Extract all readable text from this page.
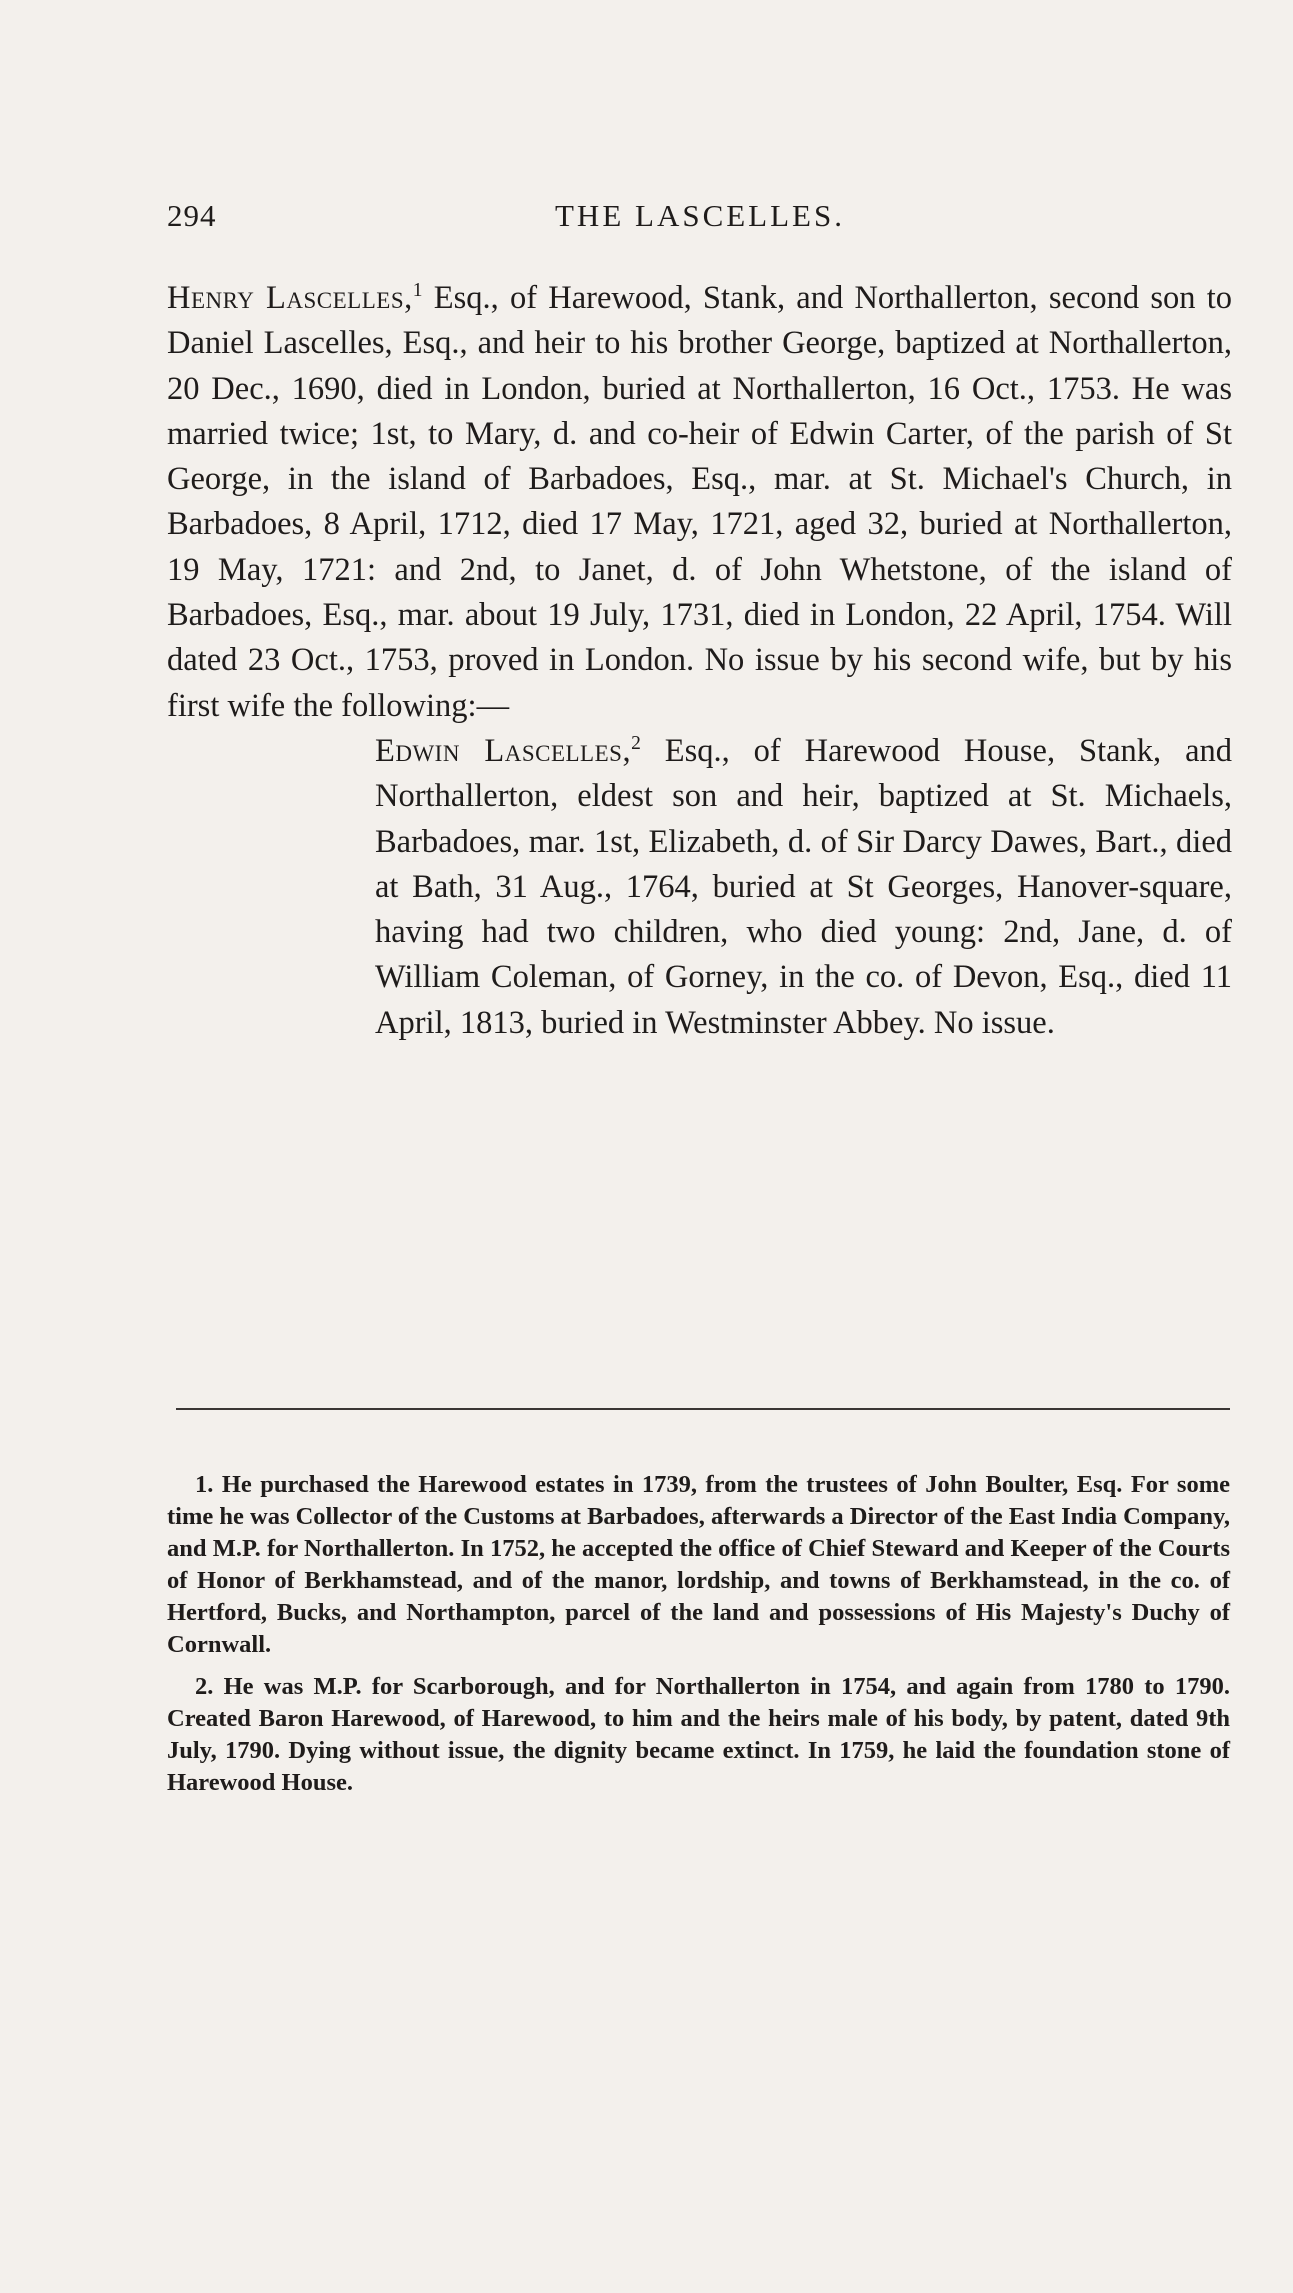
294	THE LASCELLES.

Henry Lascelles,$^1$ Esq., of Harewood, Stank, and Northallerton, second son to Daniel Lascelles, Esq., and heir to his brother George, baptized at Northallerton, 20 Dec., 1690, died in London, buried at Northallerton, 16 Oct., 1753. He was married twice; 1st, to Mary, d. and co-heir of Edwin Carter, of the parish of St George, in the island of Barbadoes, Esq., mar. at St. Michael's Church, in Barbadoes, 8 April, 1712, died 17 May, 1721, aged 32, buried at Northallerton, 19 May, 1721: and 2nd, to Janet, d. of John Whetstone, of the island of Barbadoes, Esq., mar. about 19 July, 1731, died in London, 22 April, 1754. Will dated 23 Oct., 1753, proved in London. No issue by his second wife, but by his first wife the following:—

Edwin Lascelles,$^2$ Esq., of Harewood House, Stank, and Northallerton, eldest son and heir, baptized at St. Michaels, Barbadoes, mar. 1st, Elizabeth, d. of Sir Darcy Dawes, Bart., died at Bath, 31 Aug., 1764, buried at St Georges, Hanover-square, having had two children, who died young: 2nd, Jane, d. of William Coleman, of Gorney, in the co. of Devon, Esq., died 11 April, 1813, buried in Westminster Abbey. No issue.

1. He purchased the Harewood estates in 1739, from the trustees of John Boulter, Esq. For some time he was Collector of the Customs at Barbadoes, afterwards a Director of the East India Company, and M.P. for Northallerton. In 1752, he accepted the office of Chief Steward and Keeper of the Courts of Honor of Berkhamstead, and of the manor, lordship, and towns of Berkhamstead, in the co. of Hertford, Bucks, and Northampton, parcel of the land and possessions of His Majesty's Duchy of Cornwall.

2. He was M.P. for Scarborough, and for Northallerton in 1754, and again from 1780 to 1790. Created Baron Harewood, of Harewood, to him and the heirs male of his body, by patent, dated 9th July, 1790. Dying without issue, the dignity became extinct. In 1759, he laid the foundation stone of Harewood House.
